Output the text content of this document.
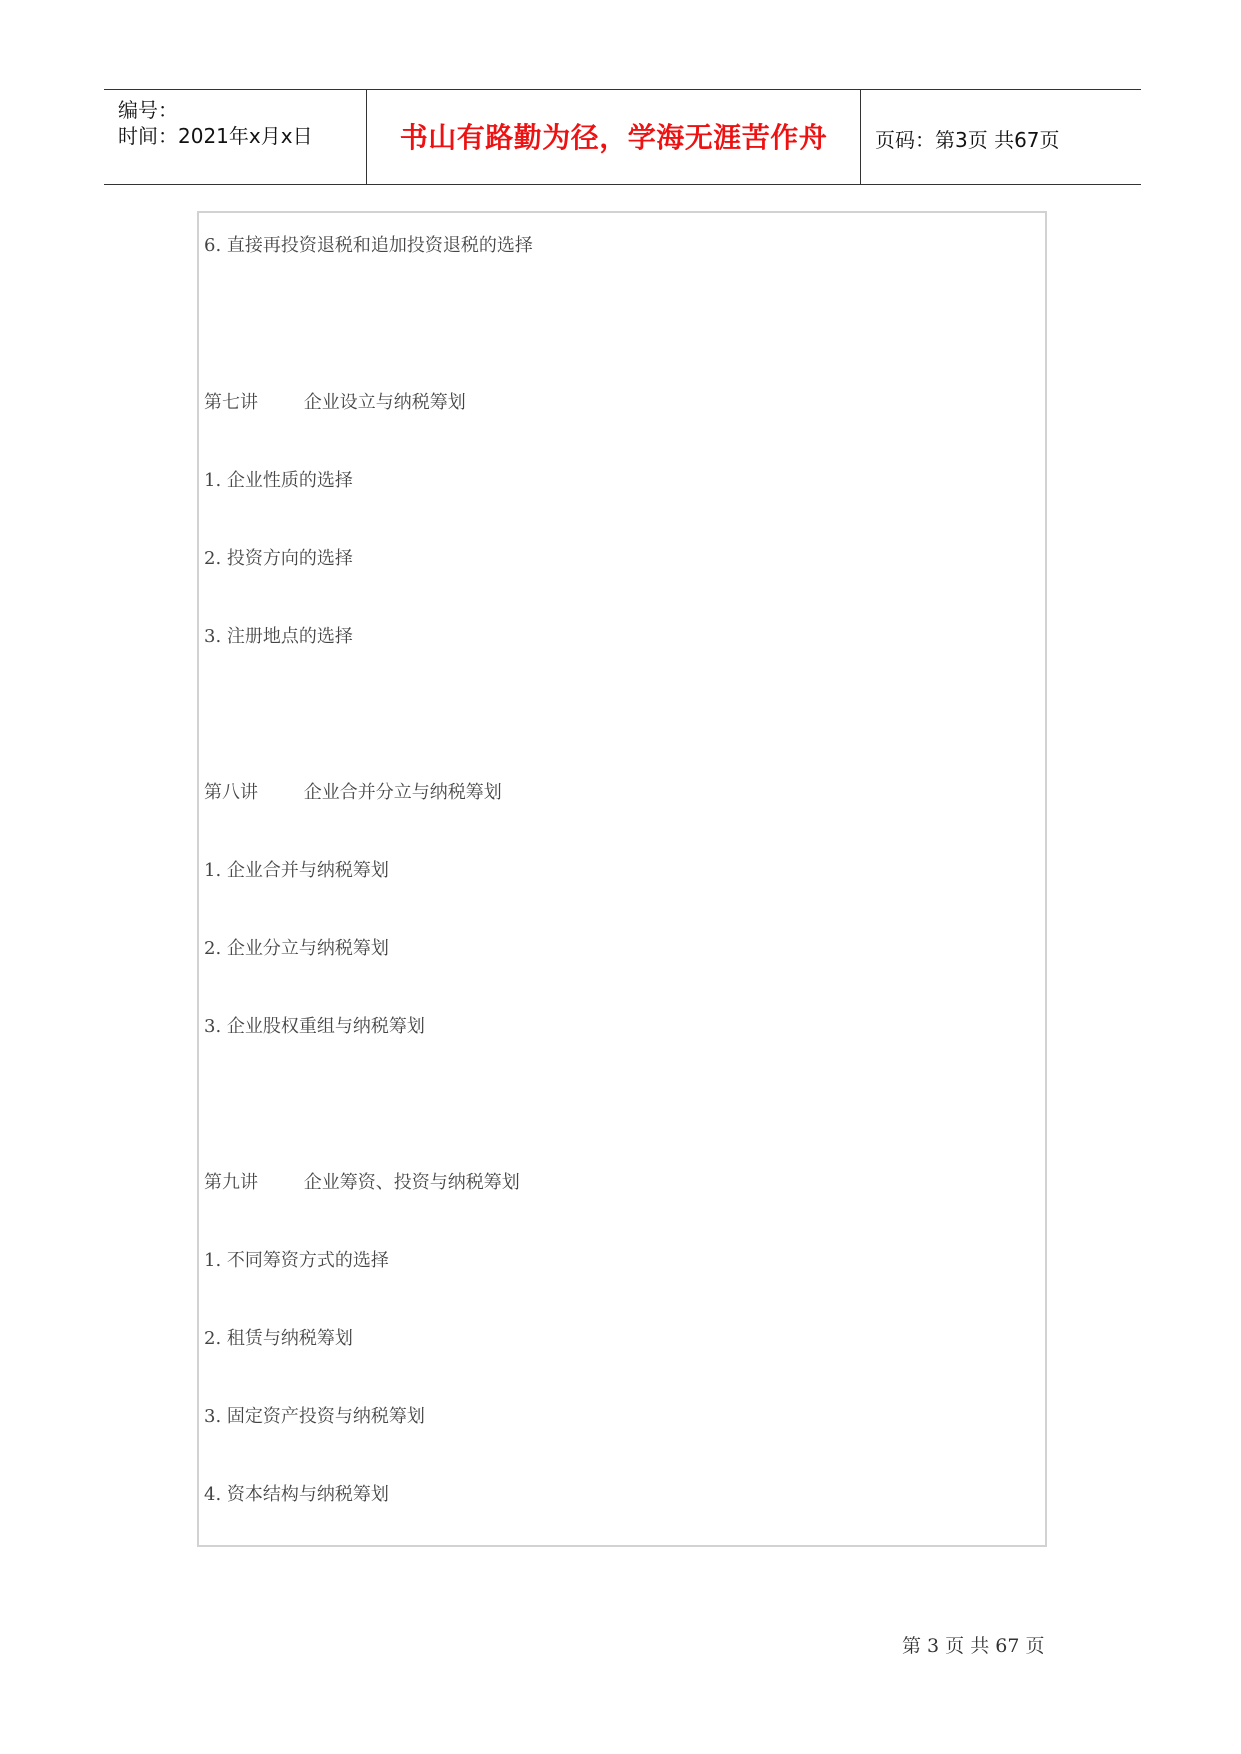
编号：
时间：2021年x月x日	书山有路勤为径，学海无涯苦作舟	页码：第3页 共67页
6. 直接再投资退税和追加投资退税的选择
第七讲        企业设立与纳税筹划
1. 企业性质的选择
2. 投资方向的选择
3. 注册地点的选择
第八讲        企业合并分立与纳税筹划
1. 企业合并与纳税筹划
2. 企业分立与纳税筹划
3. 企业股权重组与纳税筹划
第九讲        企业筹资、投资与纳税筹划
1. 不同筹资方式的选择
2. 租赁与纳税筹划
3. 固定资产投资与纳税筹划
4. 资本结构与纳税筹划
第 3 页 共 67 页
